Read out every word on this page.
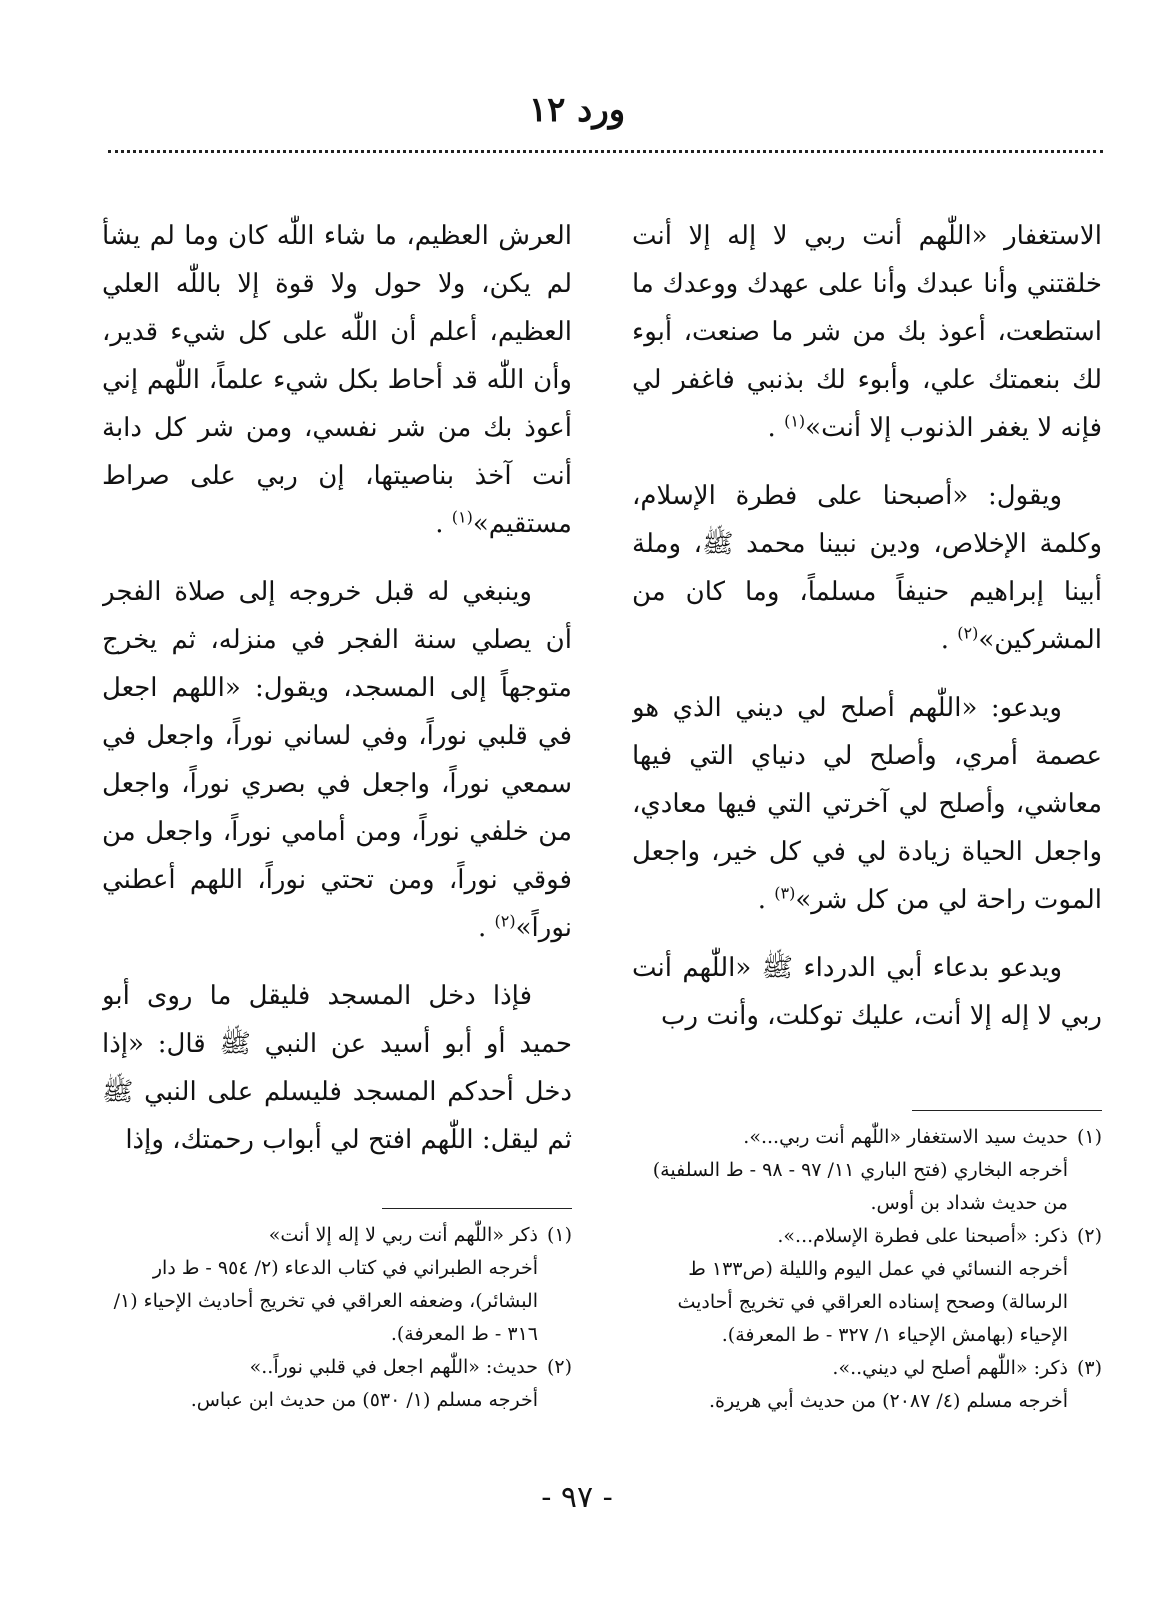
ورد ١٢

الاستغفار «اللّٰهم أنت ربي لا إله إلا أنت خلقتني وأنا عبدك وأنا على عهدك ووعدك ما استطعت، أعوذ بك من شر ما صنعت، أبوء لك بنعمتك علي، وأبوء لك بذنبي فاغفر لي فإنه لا يغفر الذنوب إلا أنت»$^{(١)}$ .

ويقول: «أصبحنا على فطرة الإسلام، وكلمة الإخلاص، ودين نبينا محمد ﷺ، وملة أبينا إبراهيم حنيفاً مسلماً، وما كان من المشركين»$^{(٢)}$ .

ويدعو: «اللّٰهم أصلح لي ديني الذي هو عصمة أمري، وأصلح لي دنياي التي فيها معاشي، وأصلح لي آخرتي التي فيها معادي، واجعل الحياة زيادة لي في كل خير، واجعل الموت راحة لي من كل شر»$^{(٣)}$ .

ويدعو بدعاء أبي الدرداء ﷺ «اللّٰهم أنت ربي لا إله إلا أنت، عليك توكلت، وأنت رب

(١)حديث سيد الاستغفار «اللّٰهم أنت ربي...».
أخرجه البخاري (فتح الباري ١١/ ٩٧ - ٩٨ - ط السلفية) من حديث شداد بن أوس.

(٢)ذكر: «أصبحنا على فطرة الإسلام...».
أخرجه النسائي في عمل اليوم والليلة (ص١٣٣ ط الرسالة) وصحح إسناده العراقي في تخريج أحاديث الإحياء (بهامش الإحياء ١/ ٣٢٧ - ط المعرفة).

(٣)ذكر: «اللّٰهم أصلح لي ديني..».
أخرجه مسلم (٤/ ٢٠٨٧) من حديث أبي هريرة.

العرش العظيم، ما شاء اللّٰه كان وما لم يشأ لم يكن، ولا حول ولا قوة إلا باللّٰه العلي العظيم، أعلم أن اللّٰه على كل شيء قدير، وأن اللّٰه قد أحاط بكل شيء علماً، اللّٰهم إني أعوذ بك من شر نفسي، ومن شر كل دابة أنت آخذ بناصيتها، إن ربي على صراط مستقيم»$^{(١)}$ .

وينبغي له قبل خروجه إلى صلاة الفجر أن يصلي سنة الفجر في منزله، ثم يخرج متوجهاً إلى المسجد، ويقول: «اللهم اجعل في قلبي نوراً، وفي لساني نوراً، واجعل في سمعي نوراً، واجعل في بصري نوراً، واجعل من خلفي نوراً، ومن أمامي نوراً، واجعل من فوقي نوراً، ومن تحتي نوراً، اللهم أعطني نوراً»$^{(٢)}$ .

فإذا دخل المسجد فليقل ما روى أبو حميد أو أبو أسيد عن النبي ﷺ قال: «إذا دخل أحدكم المسجد فليسلم على النبي ﷺ ثم ليقل: اللّٰهم افتح لي أبواب رحمتك، وإذا

(١)ذكر «اللّٰهم أنت ربي لا إله إلا أنت»
أخرجه الطبراني في كتاب الدعاء (٢/ ٩٥٤ - ط دار البشائر)، وضعفه العراقي في تخريج أحاديث الإحياء (١/ ٣١٦ - ط المعرفة).

(٢)حديث: «اللّٰهم اجعل في قلبي نوراً..»
أخرجه مسلم (١/ ٥٣٠) من حديث ابن عباس.

- ٩٧ -
